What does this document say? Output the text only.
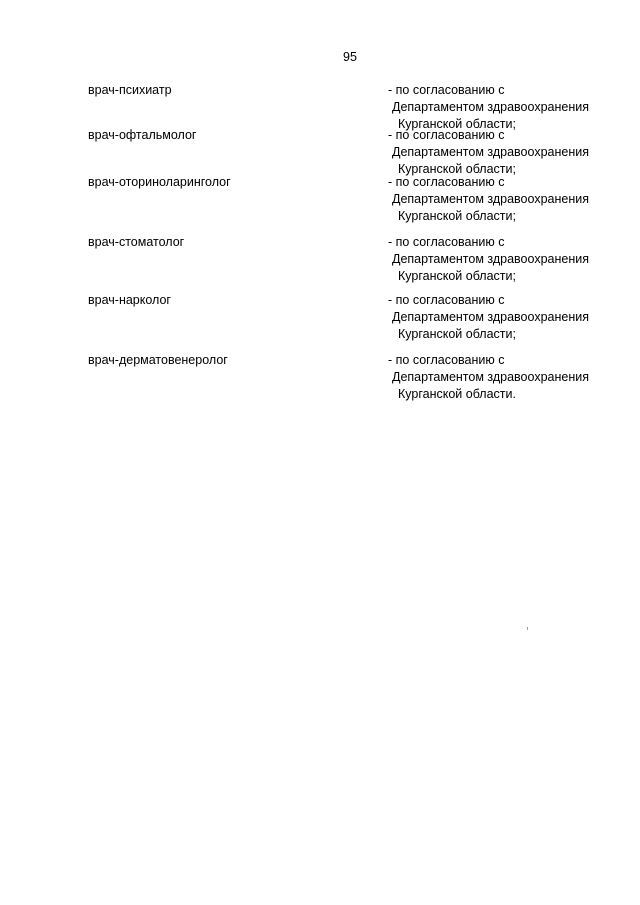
95
врач-психиатр	- по согласованию с
Департаментом здравоохранения
Курганской области;
врач-офтальмолог	- по согласованию с
Департаментом здравоохранения
Курганской области;
врач-оториноларинголог	- по согласованию с
Департаментом здравоохранения
Курганской области;
врач-стоматолог	- по согласованию с
Департаментом здравоохранения
Курганской области;
врач-нарколог	- по согласованию с
Департаментом здравоохранения
Курганской области;
врач-дерматовенеролог	- по согласованию с
Департаментом здравоохранения
Курганской области.
